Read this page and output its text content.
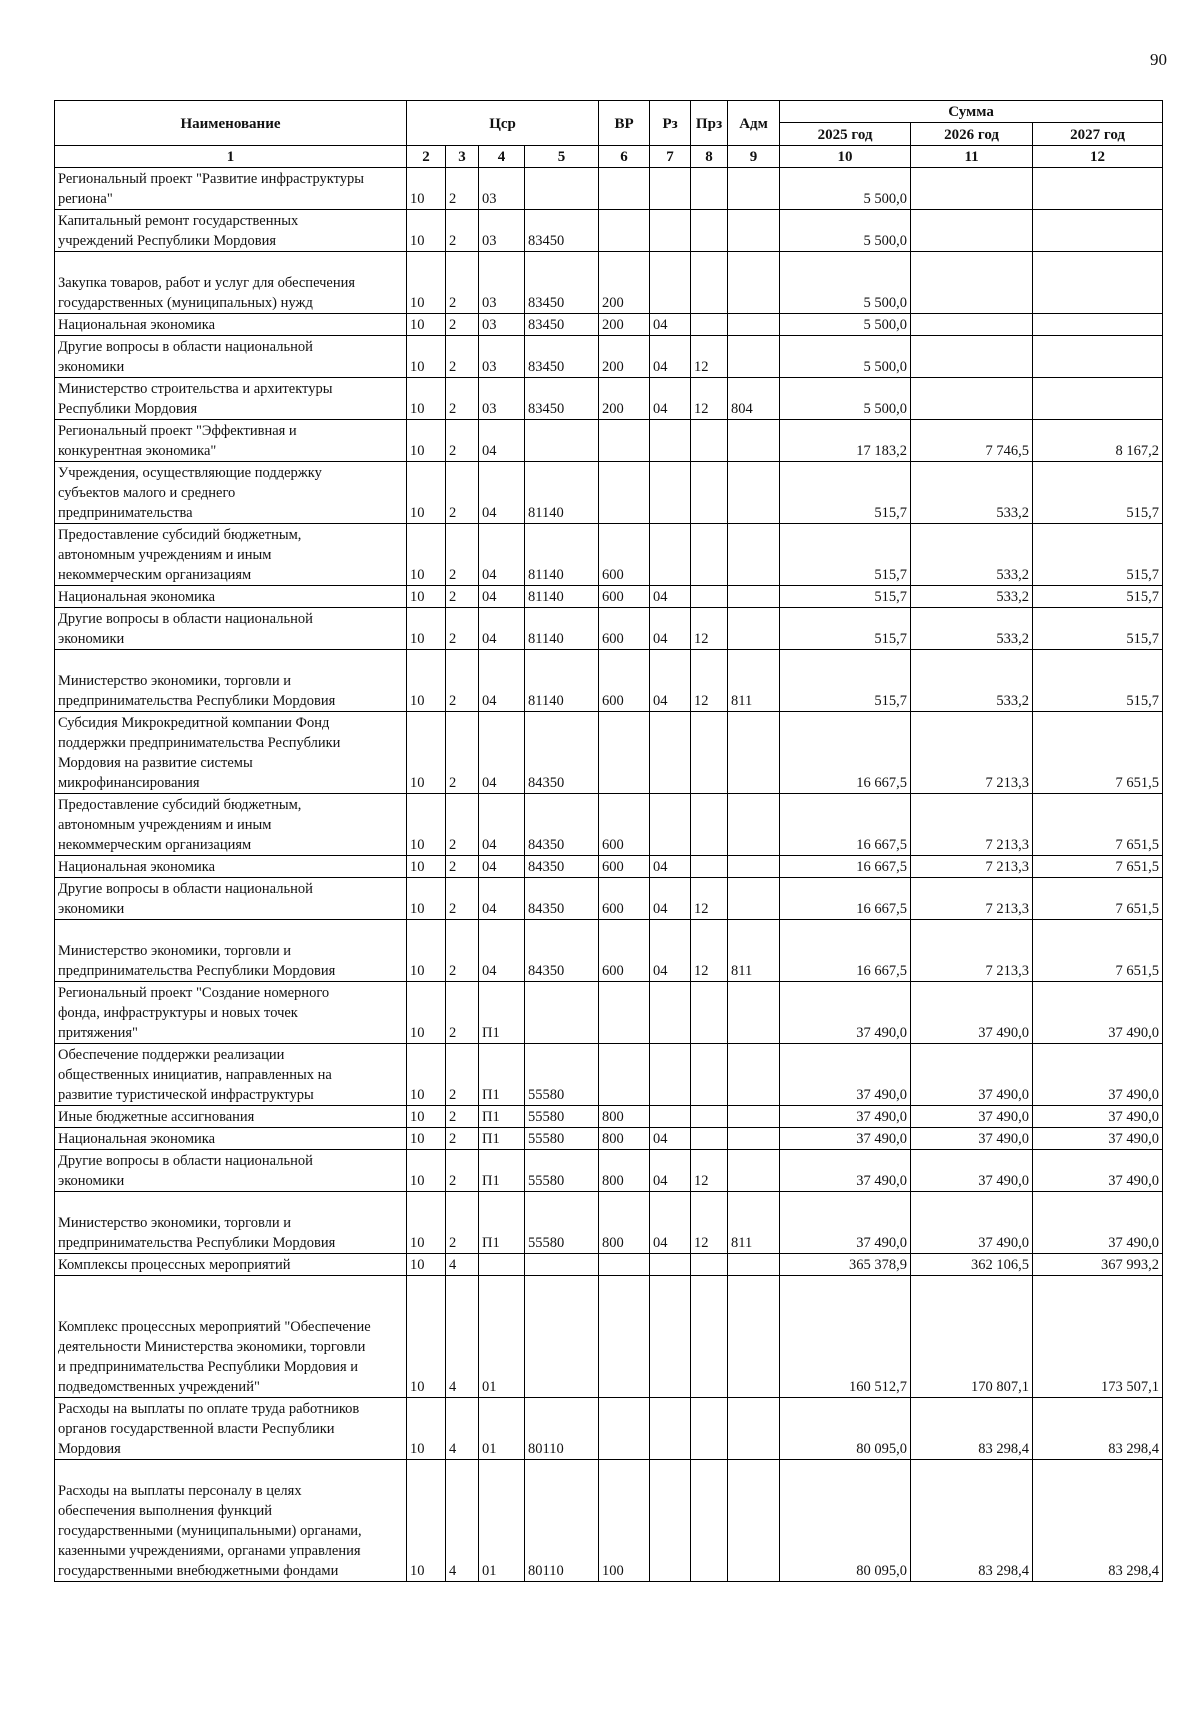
90
Наименование	Цср				ВР	Рз	Прз	Адм	Сумма		
									2025 год	2026 год	2027 год
1	2	3	4	5	6	7	8	9	10	11	12
Региональный проект "Развитие инфраструктуры
региона"	10	2	03						5 500,0		
Капитальный ремонт государственных
учреждений Республики Мордовия	10	2	03	83450					5 500,0		

Закупка товаров, работ и услуг для обеспечения
государственных (муниципальных) нужд	10	2	03	83450	200				5 500,0		
Национальная экономика	10	2	03	83450	200	04			5 500,0		
Другие вопросы в области национальной
экономики	10	2	03	83450	200	04	12		5 500,0		
Министерство строительства и архитектуры
Республики Мордовия	10	2	03	83450	200	04	12	804	5 500,0		
Региональный проект "Эффективная и
конкурентная экономика"	10	2	04						17 183,2	7 746,5	8 167,2
Учреждения, осуществляющие поддержку
субъектов малого и среднего
предпринимательства	10	2	04	81140					515,7	533,2	515,7
Предоставление субсидий бюджетным,
автономным учреждениям и иным
некоммерческим организациям	10	2	04	81140	600				515,7	533,2	515,7
Национальная экономика	10	2	04	81140	600	04			515,7	533,2	515,7
Другие вопросы в области национальной
экономики	10	2	04	81140	600	04	12		515,7	533,2	515,7

Министерство экономики, торговли и
предпринимательства Республики Мордовия	10	2	04	81140	600	04	12	811	515,7	533,2	515,7
Субсидия Микрокредитной компании Фонд
поддержки предпринимательства Республики
Мордовия на развитие системы
микрофинансирования	10	2	04	84350					16 667,5	7 213,3	7 651,5
Предоставление субсидий бюджетным,
автономным учреждениям и иным
некоммерческим организациям	10	2	04	84350	600				16 667,5	7 213,3	7 651,5
Национальная экономика	10	2	04	84350	600	04			16 667,5	7 213,3	7 651,5
Другие вопросы в области национальной
экономики	10	2	04	84350	600	04	12		16 667,5	7 213,3	7 651,5

Министерство экономики, торговли и
предпринимательства Республики Мордовия	10	2	04	84350	600	04	12	811	16 667,5	7 213,3	7 651,5
Региональный проект "Создание номерного
фонда, инфраструктуры и новых точек
притяжения"	10	2	П1						37 490,0	37 490,0	37 490,0
Обеспечение поддержки реализации
общественных инициатив, направленных на
развитие туристической инфраструктуры	10	2	П1	55580					37 490,0	37 490,0	37 490,0
Иные бюджетные ассигнования	10	2	П1	55580	800				37 490,0	37 490,0	37 490,0
Национальная экономика	10	2	П1	55580	800	04			37 490,0	37 490,0	37 490,0
Другие вопросы в области национальной
экономики	10	2	П1	55580	800	04	12		37 490,0	37 490,0	37 490,0

Министерство экономики, торговли и
предпринимательства Республики Мордовия	10	2	П1	55580	800	04	12	811	37 490,0	37 490,0	37 490,0
Комплексы процессных мероприятий	10	4							365 378,9	362 106,5	367 993,2

Комплекс процессных мероприятий "Обеспечение
деятельности Министерства экономики, торговли
и предпринимательства Республики Мордовия и
подведомственных учреждений"	10	4	01						160 512,7	170 807,1	173 507,1
Расходы на выплаты по оплате труда работников
органов государственной власти Республики
Мордовия	10	4	01	80110					80 095,0	83 298,4	83 298,4

Расходы на выплаты персоналу в целях
обеспечения выполнения функций
государственными (муниципальными) органами,
казенными учреждениями, органами управления
государственными внебюджетными фондами	10	4	01	80110	100				80 095,0	83 298,4	83 298,4
